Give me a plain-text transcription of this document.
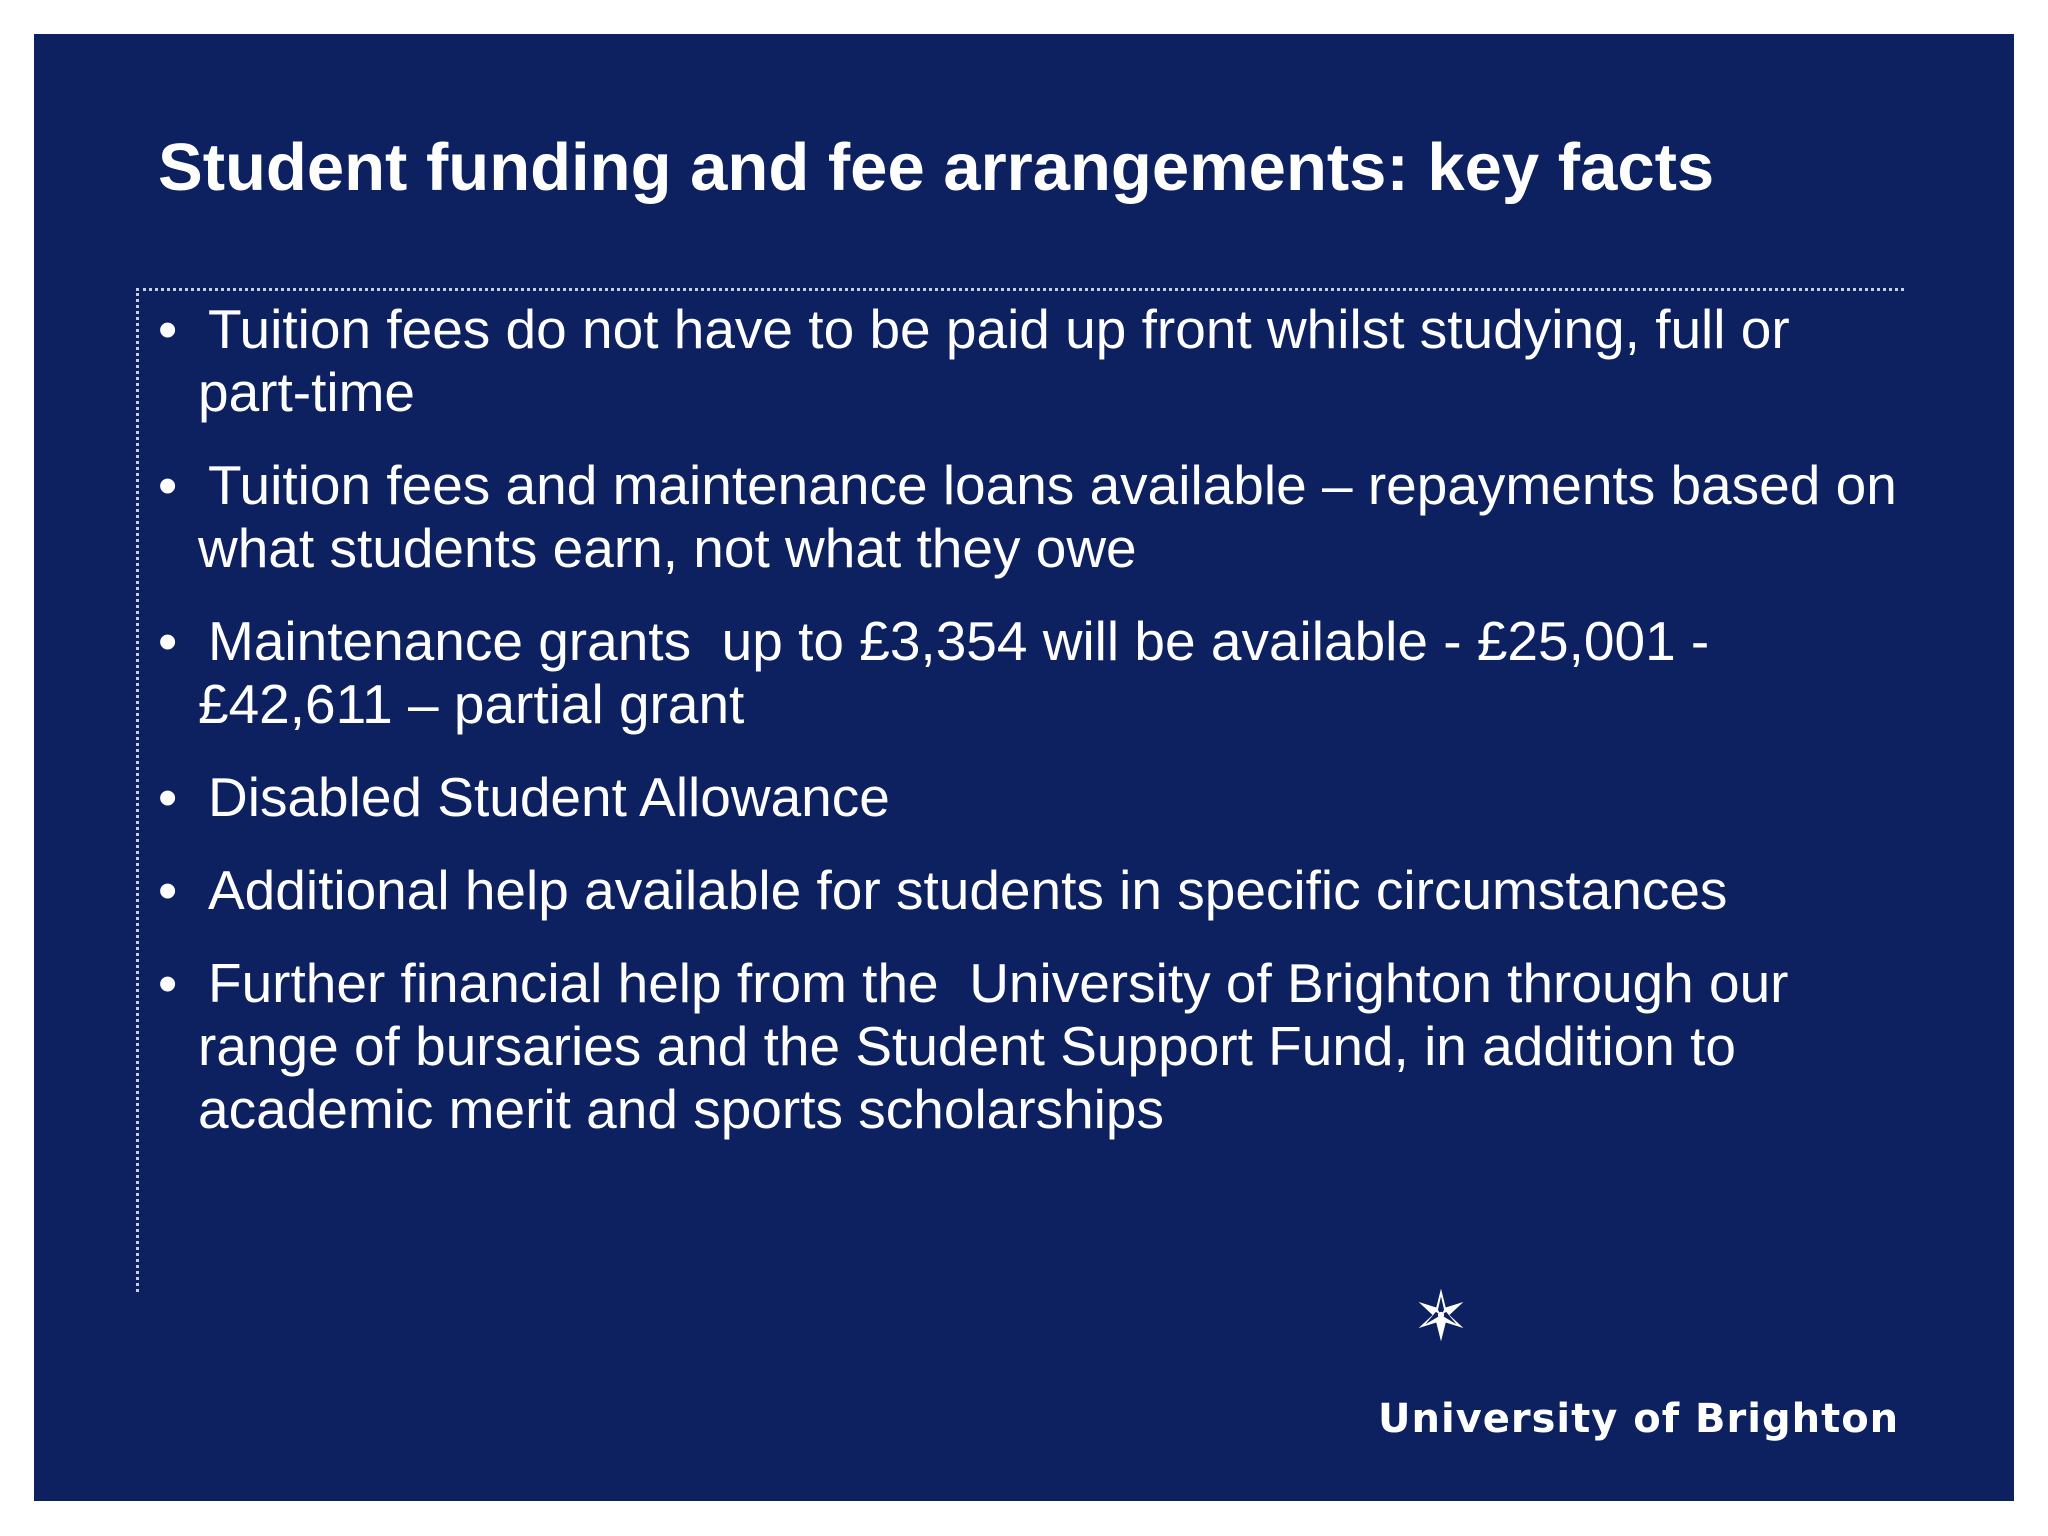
Student funding and fee arrangements: key facts
• Tuition fees do not have to be paid up front whilst studying, full or part-time
• Tuition fees and maintenance loans available – repayments based on what students earn, not what they owe
• Maintenance grants  up to £3,354 will be available - £25,001 - £42,611 – partial grant
• Disabled Student Allowance
• Additional help available for students in specific circumstances
• Further financial help from the  University of Brighton through our range of bursaries and the Student Support Fund, in addition to academic merit and sports scholarships
University of Brighton
